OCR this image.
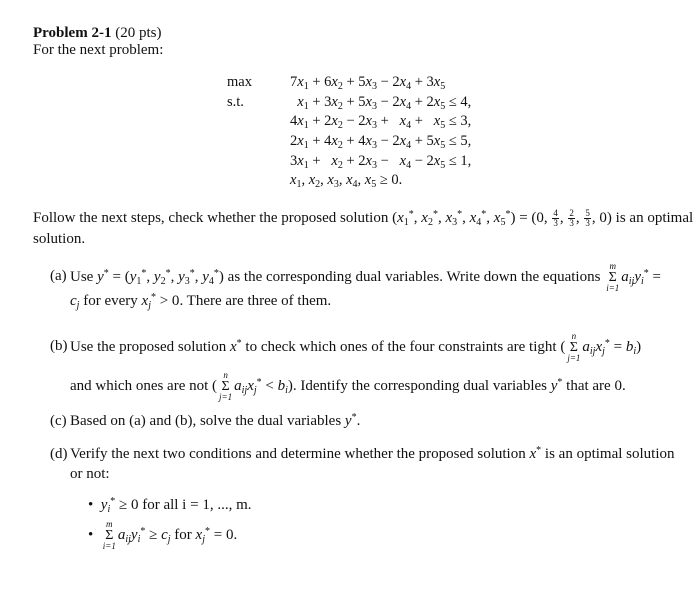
Problem 2-1 (20 pts)
For the next problem:
max	$7x_1 + 6x_2 + 5x_3 - 2x_4 + 3x_5$
s.t.	$x_1 + 3x_2 + 5x_3 - 2x_4 + 2x_5 \le 4$,
	$4x_1 + 2x_2 - 2x_3 + x_4 + x_5 \le 3$,
	$2x_1 + 4x_2 + 4x_3 - 2x_4 + 5x_5 \le 5$,
	$3x_1 + x_2 + 2x_3 - x_4 - 2x_5 \le 1$,
	$x_1$, $x_2$, $x_3$, $x_4$, $x_5 \ge 0$.
Follow the next steps, check whether the proposed solution ($x_1^*$, $x_2^*$, $x_3^*$, $x_4^*$, $x_5^*) = (0$, $\frac{4}{3}$ , $\frac{2}{3}$ , $\frac{5}{3}$ , 0) is an optimal
solution.
(a) Use $y^* = (y_1^*$, $y_2^*$, $y_3^*$, $y_4^*$) as the corresponding dual variables. Write down the equations
m
Σ
i=1
$a_{ij}y_i^*$ =
$c_j$ for every $x_j^* > 0$. There are three of them.
(b) Use the proposed solution x* to check which ones of the four constraints are tight (
n
Σ
j=1
$a_{ij}x_j^* = b_i$)
and which ones are not (
n
Σ
j=1
$a_{ij}x_j^* < b_i$). Identify the corresponding dual variables y* that are 0.
(c) Based on (a) and (b), solve the dual variables y*.
(d) Verify the next two conditions and determine whether the proposed solution x* is an optimal solution
or not:
•  $y_i^* \ge 0$ for all i = 1, ..., m.
•
m
Σ
i=1
$a_{ij}y_i^* \ge c_j$ for $x_j^* = 0$.
